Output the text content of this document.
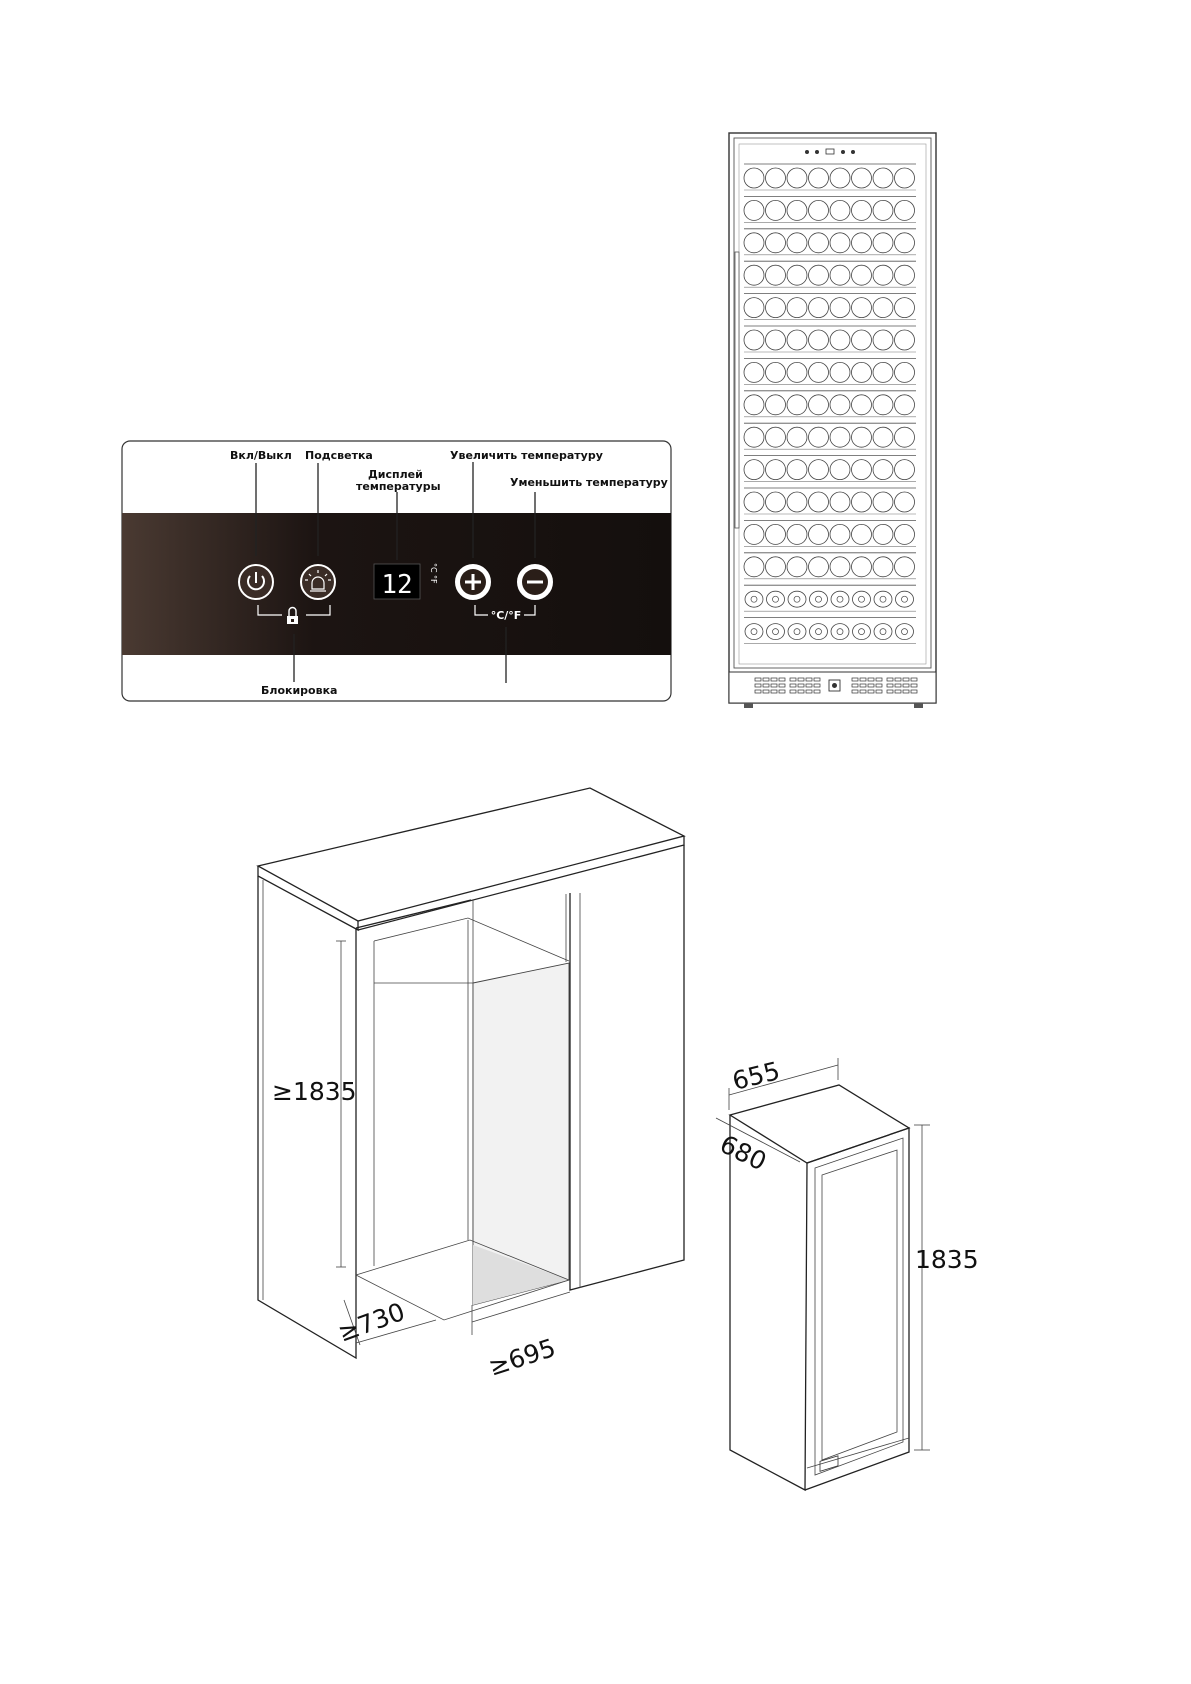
Вкл/Выкл Подсветка
Дисплей
температуры
Увеличить температуру
Уменьшить температуру
Блокировка
12
°C
°F
°C/°F
≥1835
≥730
≥695
655
680
1835
